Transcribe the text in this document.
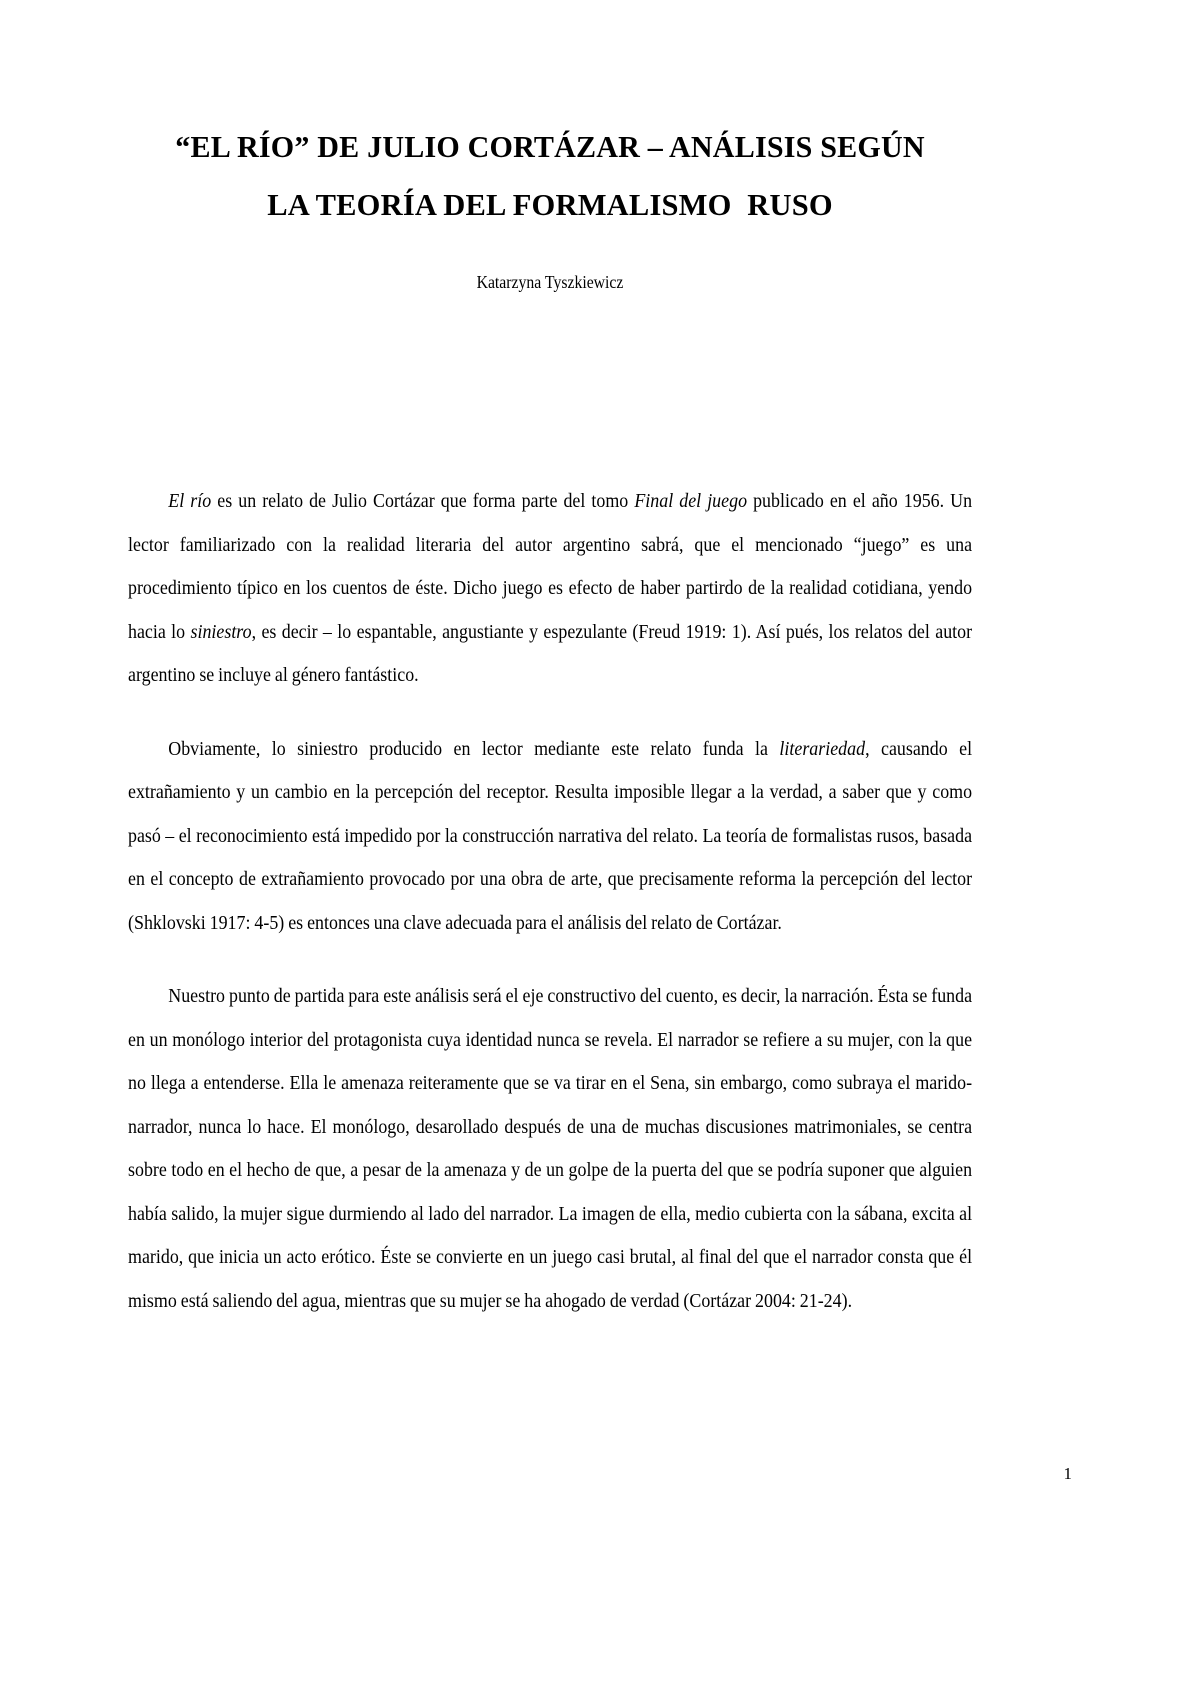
“EL RÍO” DE JULIO CORTÁZAR – ANÁLISIS SEGÚN
LA TEORÍA DEL FORMALISMO  RUSO
Katarzyna Tyszkiewicz

El río es un relato de Julio Cortázar que forma parte del tomo Final del juego publicado en el año 1956. Un lector familiarizado con la realidad literaria del autor argentino sabrá, que el mencionado “juego” es una procedimiento típico en los cuentos de éste. Dicho juego es efecto de haber partirdo de la realidad cotidiana, yendo hacia lo siniestro, es decir – lo espantable, angustiante y espezulante (Freud 1919: 1). Así pués, los relatos del autor argentino se incluye al género fantástico.

Obviamente, lo siniestro producido en lector mediante este relato funda la literariedad, causando el extrañamiento y un cambio en la percepción del receptor. Resulta imposible llegar a la verdad, a saber que y como pasó – el reconocimiento está impedido por la construcción narrativa del relato. La teoría de formalistas rusos, basada en el concepto de extrañamiento provocado por una obra de arte, que precisamente reforma la percepción del lector (Shklovski 1917: 4-5) es entonces una clave adecuada para el análisis del relato de Cortázar.

Nuestro punto de partida para este análisis será el eje constructivo del cuento, es decir, la narración. Ésta se funda en un monólogo interior del protagonista cuya identidad nunca se revela. El narrador se refiere a su mujer, con la que no llega a entenderse. Ella le amenaza reiteramente que se va tirar en el Sena, sin embargo, como subraya el marido-narrador, nunca lo hace. El monólogo, desarollado después de una de muchas discusiones matrimoniales, se centra sobre todo en el hecho de que, a pesar de la amenaza y de un golpe de la puerta del que se podría suponer que alguien había salido, la mujer sigue durmiendo al lado del narrador. La imagen de ella, medio cubierta con la sábana, excita al marido, que inicia un acto erótico. Éste se convierte en un juego casi brutal, al final del que el narrador consta que él mismo está saliendo del agua, mientras que su mujer se ha ahogado de verdad (Cortázar 2004: 21-24).

1
